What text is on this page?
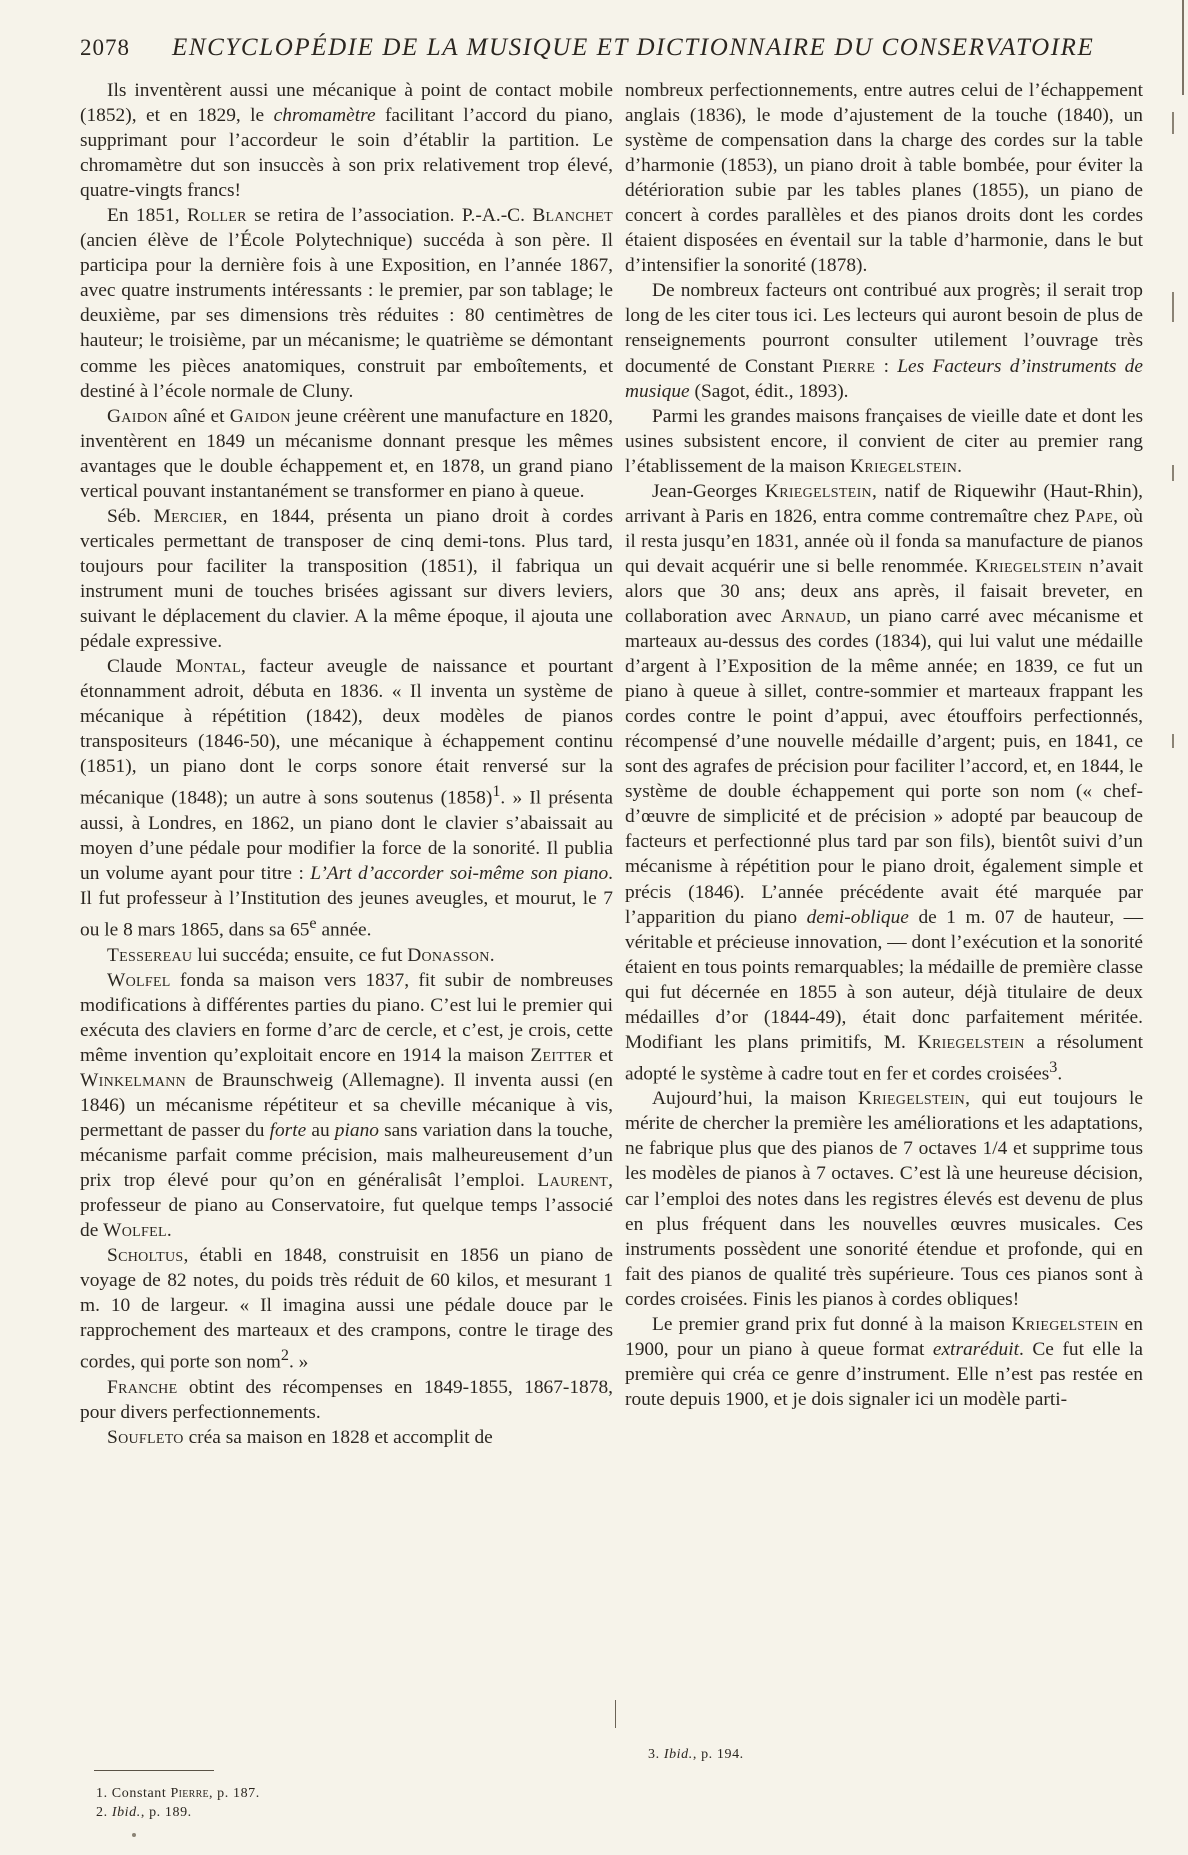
2078	ENCYCLOPÉDIE DE LA MUSIQUE ET DICTIONNAIRE DU CONSERVATOIRE

Ils inventèrent aussi une mécanique à point de contact mobile (1852), et en 1829, le chromamètre facilitant l’accord du piano, supprimant pour l’accordeur le soin d’établir la partition. Le chromamètre dut son insuccès à son prix relativement trop élevé, quatre-vingts francs!

En 1851, Roller se retira de l’association. P.-A.-C. Blanchet (ancien élève de l’École Polytechnique) succéda à son père. Il participa pour la dernière fois à une Exposition, en l’année 1867, avec quatre instruments intéressants : le premier, par son tablage; le deuxième, par ses dimensions très réduites : 80 centimètres de hauteur; le troisième, par un mécanisme; le quatrième se démontant comme les pièces anatomiques, construit par emboîtements, et destiné à l’école normale de Cluny.

Gaidon aîné et Gaidon jeune créèrent une manufacture en 1820, inventèrent en 1849 un mécanisme donnant presque les mêmes avantages que le double échappement et, en 1878, un grand piano vertical pouvant instantanément se transformer en piano à queue.

Séb. Mercier, en 1844, présenta un piano droit à cordes verticales permettant de transposer de cinq demi-tons. Plus tard, toujours pour faciliter la transposition (1851), il fabriqua un instrument muni de touches brisées agissant sur divers leviers, suivant le déplacement du clavier. A la même époque, il ajouta une pédale expressive.

Claude Montal, facteur aveugle de naissance et pourtant étonnamment adroit, débuta en 1836. « Il inventa un système de mécanique à répétition (1842), deux modèles de pianos transpositeurs (1846-50), une mécanique à échappement continu (1851), un piano dont le corps sonore était renversé sur la mécanique (1848); un autre à sons soutenus $(1858)^1$. » Il présenta aussi, à Londres, en 1862, un piano dont le clavier s’abaissait au moyen d’une pédale pour modifier la force de la sonorité. Il publia un volume ayant pour titre : L’Art d’accorder soi-même son piano. Il fut professeur à l’Institution des jeunes aveugles, et mourut, le 7 ou le 8 mars 1865, dans sa 65e année.

Tessereau lui succéda; ensuite, ce fut Donasson.

Wolfel fonda sa maison vers 1837, fit subir de nombreuses modifications à différentes parties du piano. C’est lui le premier qui exécuta des claviers en forme d’arc de cercle, et c’est, je crois, cette même invention qu’exploitait encore en 1914 la maison Zeitter et Winkelmann de Braunschweig (Allemagne). Il inventa aussi (en 1846) un mécanisme répétiteur et sa cheville mécanique à vis, permettant de passer du forte au piano sans variation dans la touche, mécanisme parfait comme précision, mais malheureusement d’un prix trop élevé pour qu’on en généralisât l’emploi. Laurent, professeur de piano au Conservatoire, fut quelque temps l’associé de Wolfel.

Scholtus, établi en 1848, construisit en 1856 un piano de voyage de 82 notes, du poids très réduit de 60 kilos, et mesurant 1 m. 10 de largeur. « Il imagina aussi une pédale douce par le rapprochement des marteaux et des crampons, contre le tirage des cordes, qui porte son nom$^2$. »

Franche obtint des récompenses en 1849-1855, 1867-1878, pour divers perfectionnements.

Soufleto créa sa maison en 1828 et accomplit de

1. Constant Pierre, p. 187.
2. Ibid., p. 189.

nombreux perfectionnements, entre autres celui de l’échappement anglais (1836), le mode d’ajustement de la touche (1840), un système de compensation dans la charge des cordes sur la table d’harmonie (1853), un piano droit à table bombée, pour éviter la détérioration subie par les tables planes (1855), un piano de concert à cordes parallèles et des pianos droits dont les cordes étaient disposées en éventail sur la table d’harmonie, dans le but d’intensifier la sonorité (1878).

De nombreux facteurs ont contribué aux progrès; il serait trop long de les citer tous ici. Les lecteurs qui auront besoin de plus de renseignements pourront consulter utilement l’ouvrage très documenté de Constant Pierre : Les Facteurs d’instruments de musique (Sagot, édit., 1893).

Parmi les grandes maisons françaises de vieille date et dont les usines subsistent encore, il convient de citer au premier rang l’établissement de la maison Kriegelstein.

Jean-Georges Kriegelstein, natif de Riquewihr (Haut-Rhin), arrivant à Paris en 1826, entra comme contremaître chez Pape, où il resta jusqu’en 1831, année où il fonda sa manufacture de pianos qui devait acquérir une si belle renommée. Kriegelstein n’avait alors que 30 ans; deux ans après, il faisait breveter, en collaboration avec Arnaud, un piano carré avec mécanisme et marteaux au-dessus des cordes (1834), qui lui valut une médaille d’argent à l’Exposition de la même année; en 1839, ce fut un piano à queue à sillet, contre-sommier et marteaux frappant les cordes contre le point d’appui, avec étouffoirs perfectionnés, récompensé d’une nouvelle médaille d’argent; puis, en 1841, ce sont des agrafes de précision pour faciliter l’accord, et, en 1844, le système de double échappement qui porte son nom (« chef-d’œuvre de simplicité et de précision » adopté par beaucoup de facteurs et perfectionné plus tard par son fils), bientôt suivi d’un mécanisme à répétition pour le piano droit, également simple et précis (1846). L’année précédente avait été marquée par l’apparition du piano demi-oblique de 1 m. 07 de hauteur, — véritable et précieuse innovation, — dont l’exécution et la sonorité étaient en tous points remarquables; la médaille de première classe qui fut décernée en 1855 à son auteur, déjà titulaire de deux médailles d’or (1844-49), était donc parfaitement méritée. Modifiant les plans primitifs, M. Kriegelstein a résolument adopté le système à cadre tout en fer et cordes croisées$^3$.

Aujourd’hui, la maison Kriegelstein, qui eut toujours le mérite de chercher la première les améliorations et les adaptations, ne fabrique plus que des pianos de 7 octaves 1/4 et supprime tous les modèles de pianos à 7 octaves. C’est là une heureuse décision, car l’emploi des notes dans les registres élevés est devenu de plus en plus fréquent dans les nouvelles œuvres musicales. Ces instruments possèdent une sonorité étendue et profonde, qui en fait des pianos de qualité très supérieure. Tous ces pianos sont à cordes croisées. Finis les pianos à cordes obliques!

Le premier grand prix fut donné à la maison Kriegelstein en 1900, pour un piano à queue format extraréduit. Ce fut elle la première qui créa ce genre d’instrument. Elle n’est pas restée en route depuis 1900, et je dois signaler ici un modèle parti-

3. Ibid., p. 194.
